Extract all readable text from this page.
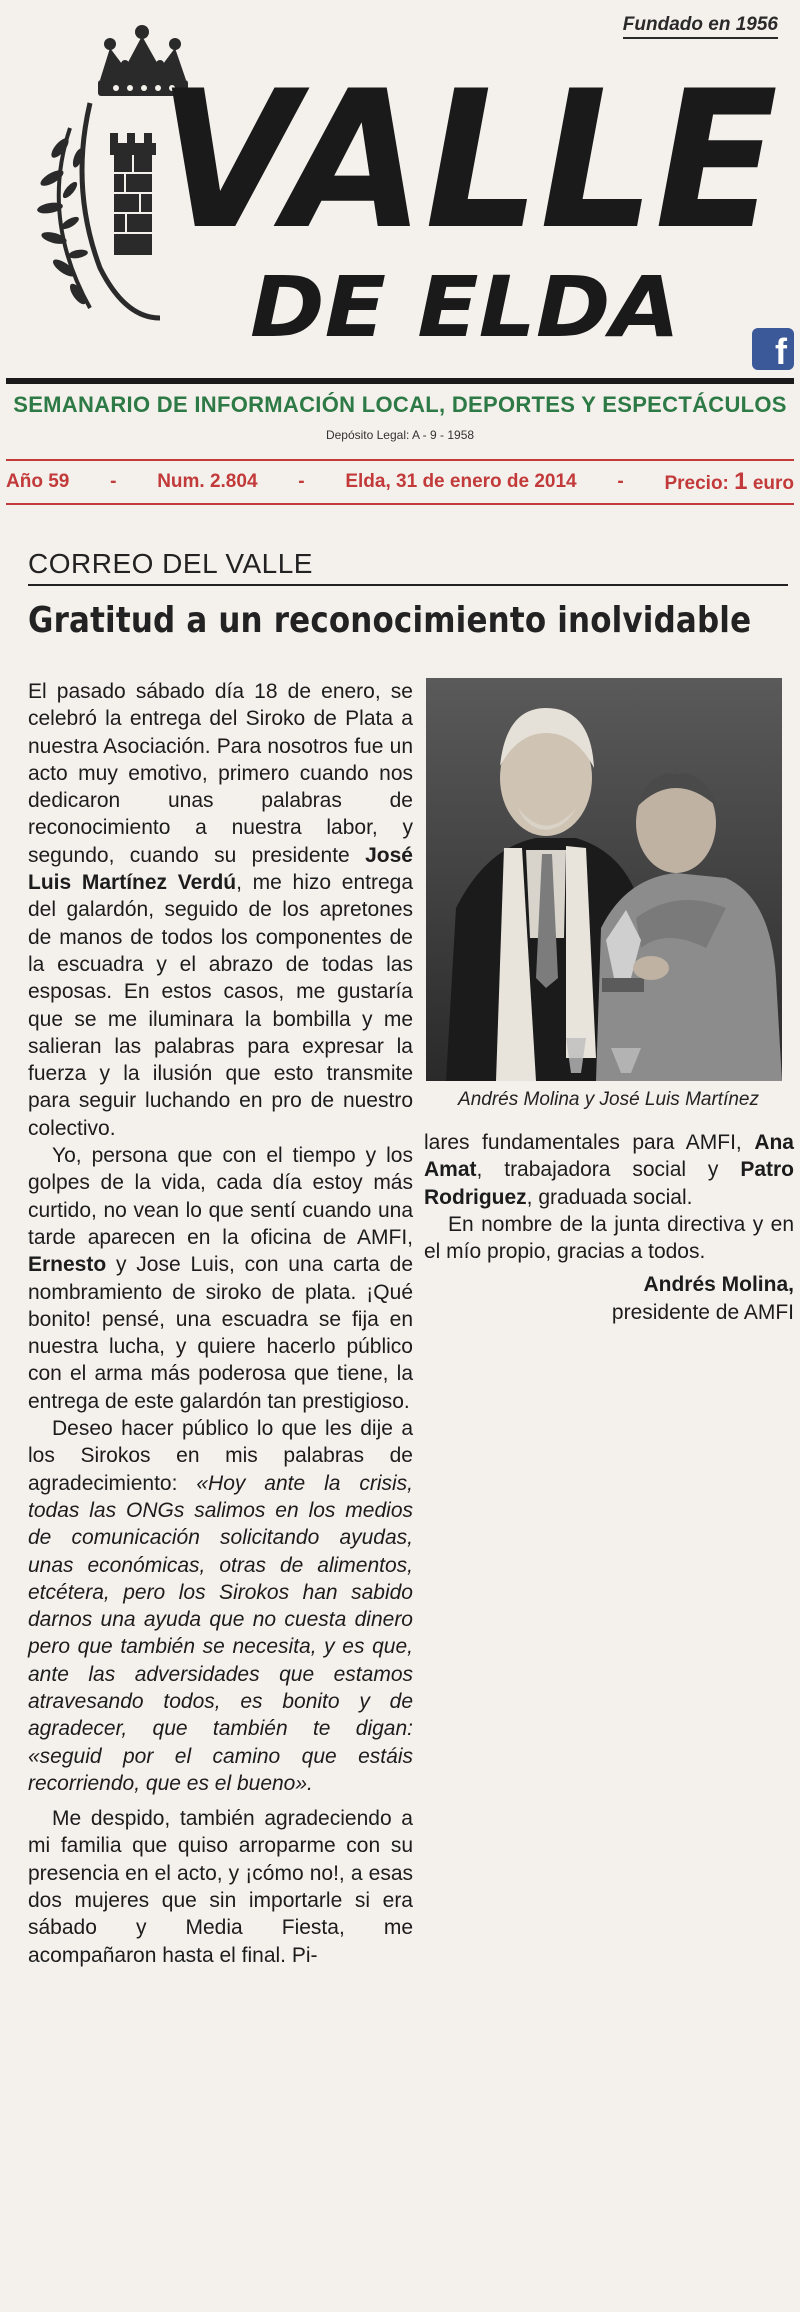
Fundado en 1956
VALLE
DE ELDA	f
SEMANARIO DE INFORMACIÓN LOCAL, DEPORTES Y ESPECTÁCULOS
Depósito Legal: A - 9 - 1958
Año 59	-	Num. 2.804	-	Elda, 31 de enero de 2014	-	Precio: 1 euro
CORREO DEL VALLE
Gratitud a un reconocimiento inolvidable

El pasado sábado día 18 de enero, se celebró la entrega del Siroko de Plata a nuestra Asociación. Para nosotros fue un acto muy emotivo, primero cuando nos dedicaron unas palabras de reconocimiento a nuestra labor, y segundo, cuando su presidente José Luis Martínez Verdú, me hizo entrega del galardón, seguido de los apretones de manos de todos los componentes de la escuadra y el abrazo de todas las esposas. En estos casos, me gustaría que se me iluminara la bombilla y me salieran las palabras para expresar la fuerza y la ilusión que esto transmite para seguir luchando en pro de nuestro colectivo.

Yo, persona que con el tiempo y los golpes de la vida, cada día estoy más curtido, no vean lo que sentí cuando una tarde aparecen en la oficina de AMFI, Ernesto y Jose Luis, con una carta de nombramiento de siroko de plata. ¡Qué bonito! pensé, una escuadra se fija en nuestra lucha, y quiere hacerlo público con el arma más poderosa que tiene, la entrega de este galardón tan prestigioso.

Deseo hacer público lo que les dije a los Sirokos en mis palabras de agradecimiento: «Hoy ante la crisis, todas las ONGs salimos en los medios de comunicación solicitando ayudas, unas económicas, otras de alimentos, etcétera, pero los Sirokos han sabido darnos una ayuda que no cuesta dinero pero que también se necesita, y es que, ante las adversidades que estamos atravesando todos, es bonito y de agradecer, que también te digan: «seguid por el camino que estáis recorriendo, que es el bueno».

Me despido, también agradeciendo a mi familia que quiso arroparme con su presencia en el acto, y ¡cómo no!, a esas dos mujeres que sin importarle si era sábado y Media Fiesta, me acompañaron hasta el final. Pi-

Andrés Molina y José Luis Martínez

lares fundamentales para AMFI, Ana Amat, trabajadora social y Patro Rodriguez, graduada social.

En nombre de la junta directiva y en el mío propio, gracias a todos.

Andrés Molina,
presidente de AMFI
